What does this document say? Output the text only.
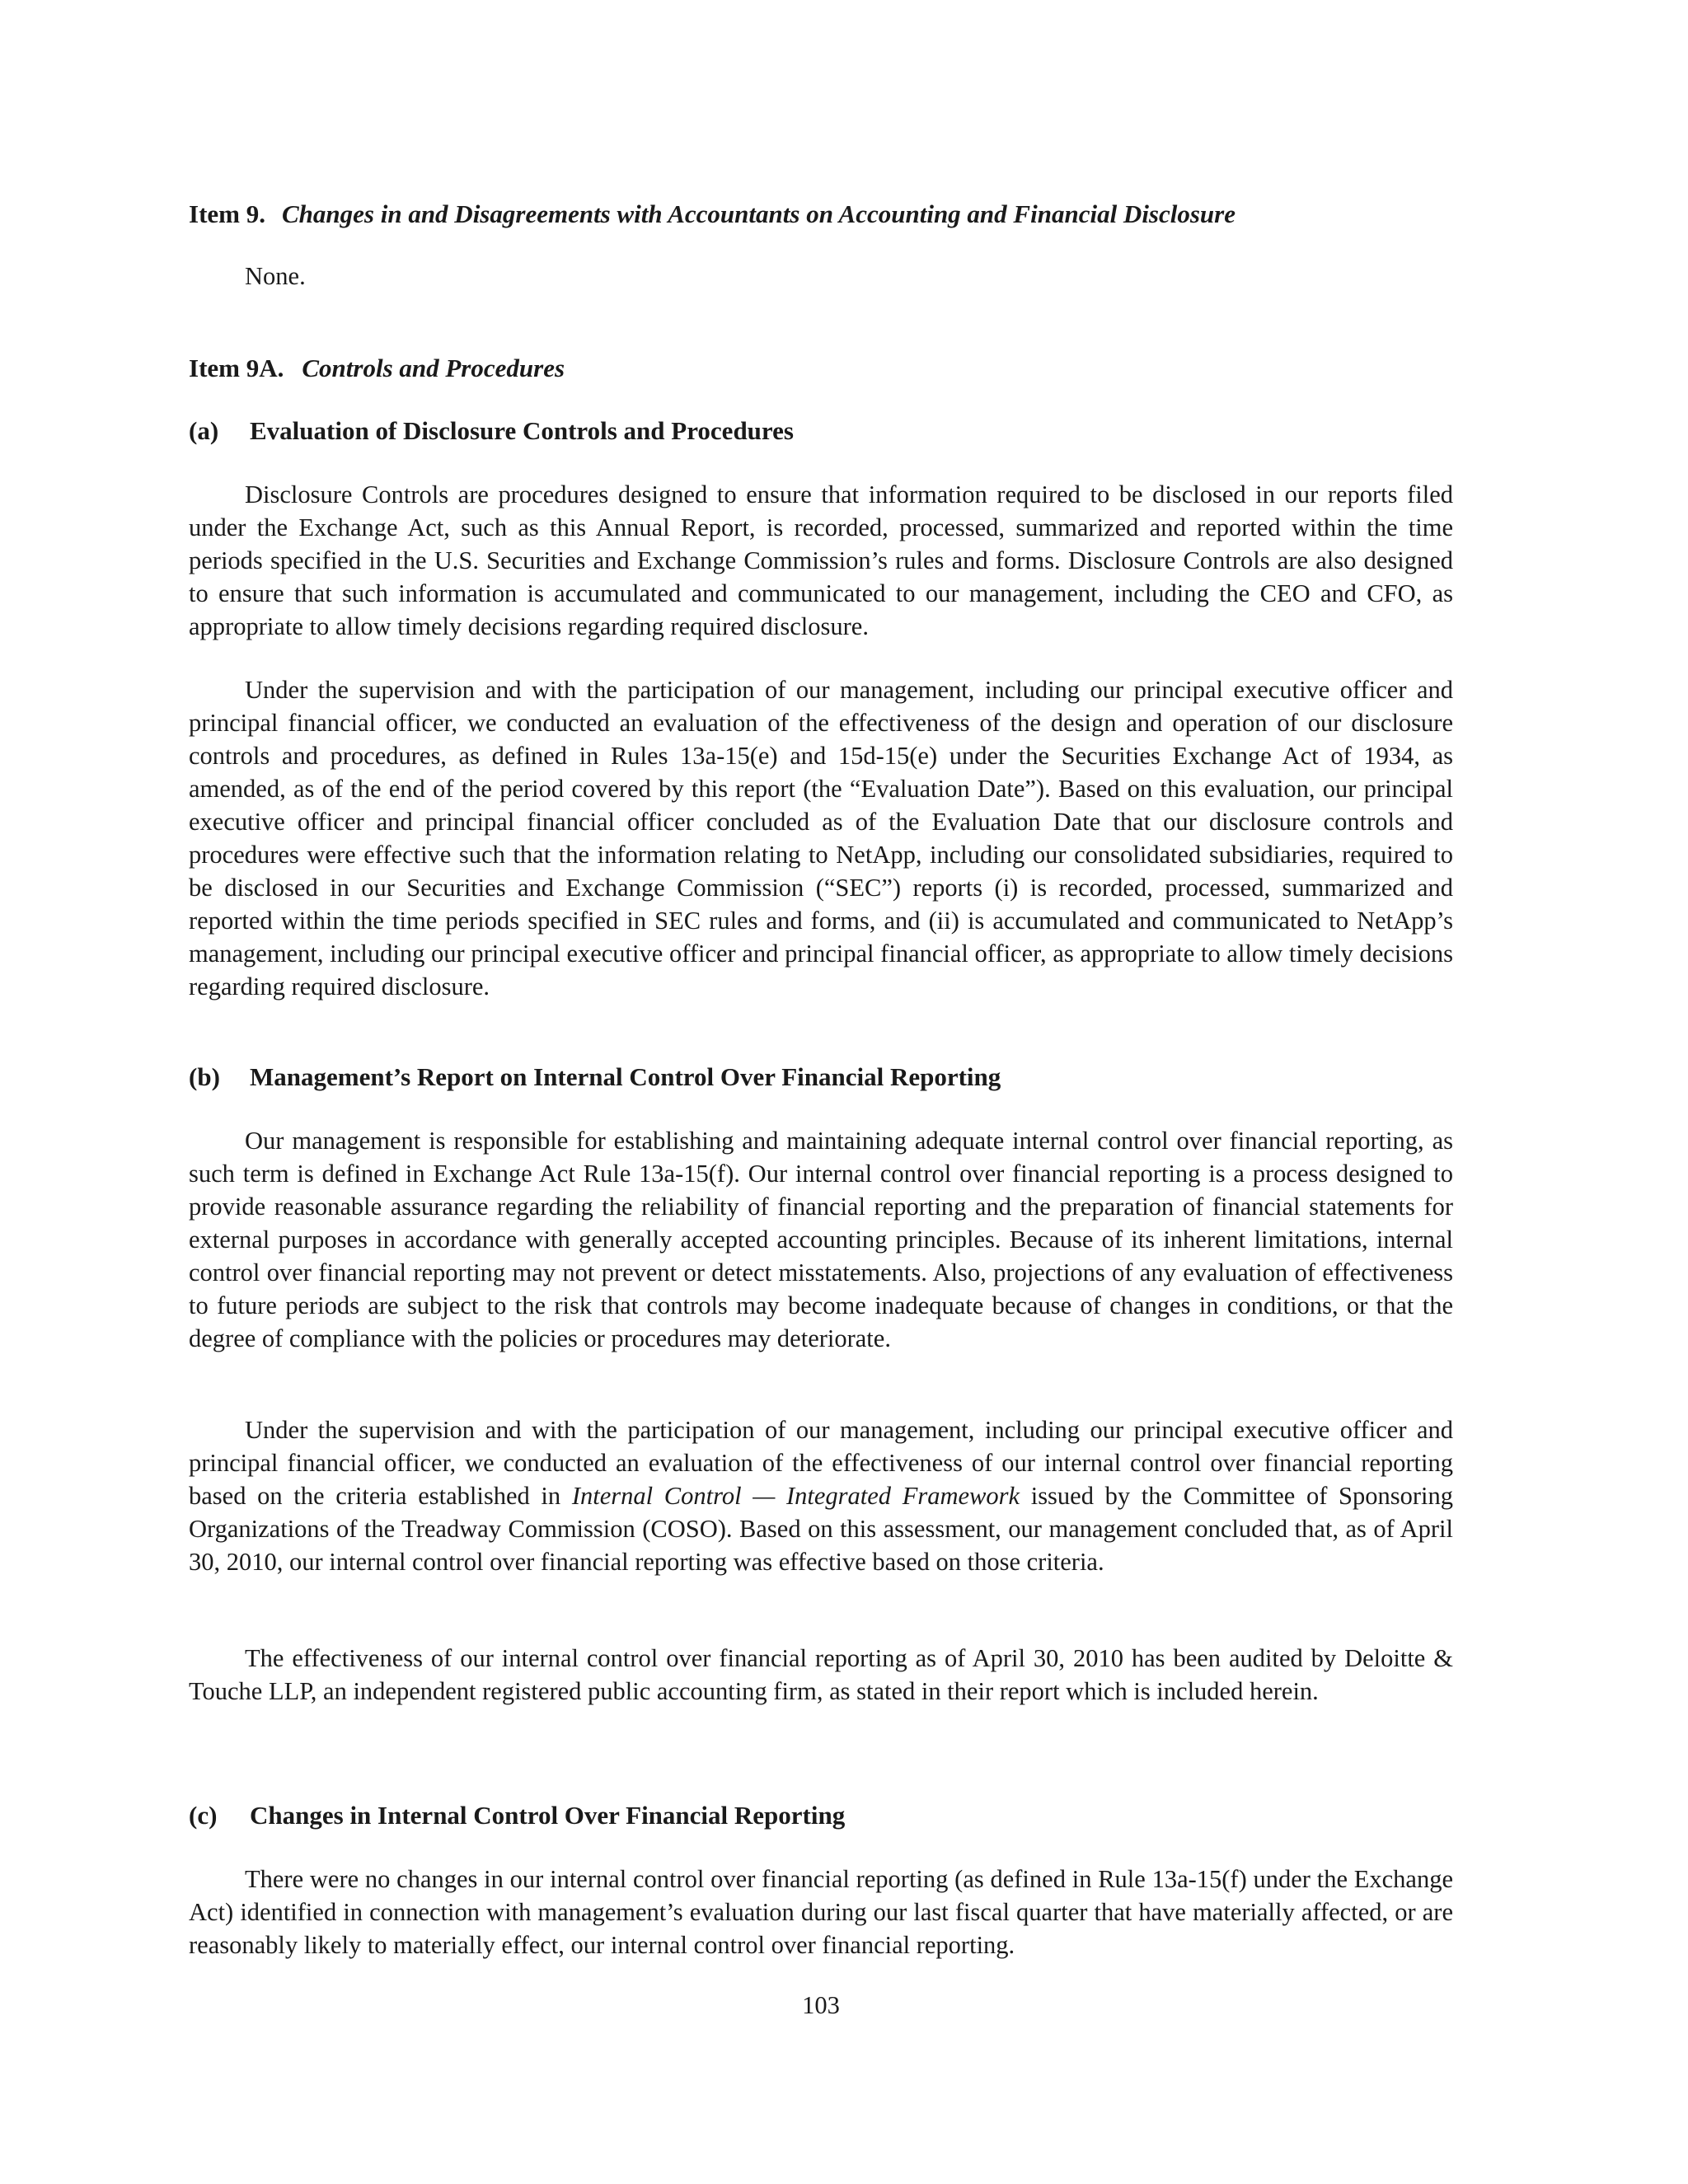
Item 9. Changes in and Disagreements with Accountants on Accounting and Financial Disclosure
None.
Item 9A. Controls and Procedures
(a) Evaluation of Disclosure Controls and Procedures

Disclosure Controls are procedures designed to ensure that information required to be disclosed in our reports filed under the Exchange Act, such as this Annual Report, is recorded, processed, summarized and reported within the time periods specified in the U.S. Securities and Exchange Commission’s rules and forms. Disclosure Controls are also designed to ensure that such information is accumulated and communicated to our management, including the CEO and CFO, as appropriate to allow timely decisions regarding required disclosure.

Under the supervision and with the participation of our management, including our principal executive officer and principal financial officer, we conducted an evaluation of the effectiveness of the design and operation of our disclosure controls and procedures, as defined in Rules 13a-15(e) and 15d-15(e) under the Securities Exchange Act of 1934, as amended, as of the end of the period covered by this report (the “Evaluation Date”). Based on this evaluation, our principal executive officer and principal financial officer concluded as of the Evaluation Date that our disclosure controls and procedures were effective such that the information relating to NetApp, including our consolidated subsidiaries, required to be disclosed in our Securities and Exchange Commission (“SEC”) reports (i) is recorded, processed, summarized and reported within the time periods specified in SEC rules and forms, and (ii) is accumulated and communicated to NetApp’s management, including our principal executive officer and principal financial officer, as appropriate to allow timely decisions regarding required disclosure.

(b) Management’s Report on Internal Control Over Financial Reporting

Our management is responsible for establishing and maintaining adequate internal control over financial reporting, as such term is defined in Exchange Act Rule 13a-15(f). Our internal control over financial reporting is a process designed to provide reasonable assurance regarding the reliability of financial reporting and the preparation of financial statements for external purposes in accordance with generally accepted accounting principles. Because of its inherent limitations, internal control over financial reporting may not prevent or detect misstatements. Also, projections of any evaluation of effectiveness to future periods are subject to the risk that controls may become inadequate because of changes in conditions, or that the degree of compliance with the policies or procedures may deteriorate.

Under the supervision and with the participation of our management, including our principal executive officer and principal financial officer, we conducted an evaluation of the effectiveness of our internal control over financial reporting based on the criteria established in Internal Control — Integrated Framework issued by the Committee of Sponsoring Organizations of the Treadway Commission (COSO). Based on this assessment, our management concluded that, as of April 30, 2010, our internal control over financial reporting was effective based on those criteria.

The effectiveness of our internal control over financial reporting as of April 30, 2010 has been audited by Deloitte & Touche LLP, an independent registered public accounting firm, as stated in their report which is included herein.

(c) Changes in Internal Control Over Financial Reporting

There were no changes in our internal control over financial reporting (as defined in Rule 13a-15(f) under the Exchange Act) identified in connection with management’s evaluation during our last fiscal quarter that have materially affected, or are reasonably likely to materially effect, our internal control over financial reporting.

103
